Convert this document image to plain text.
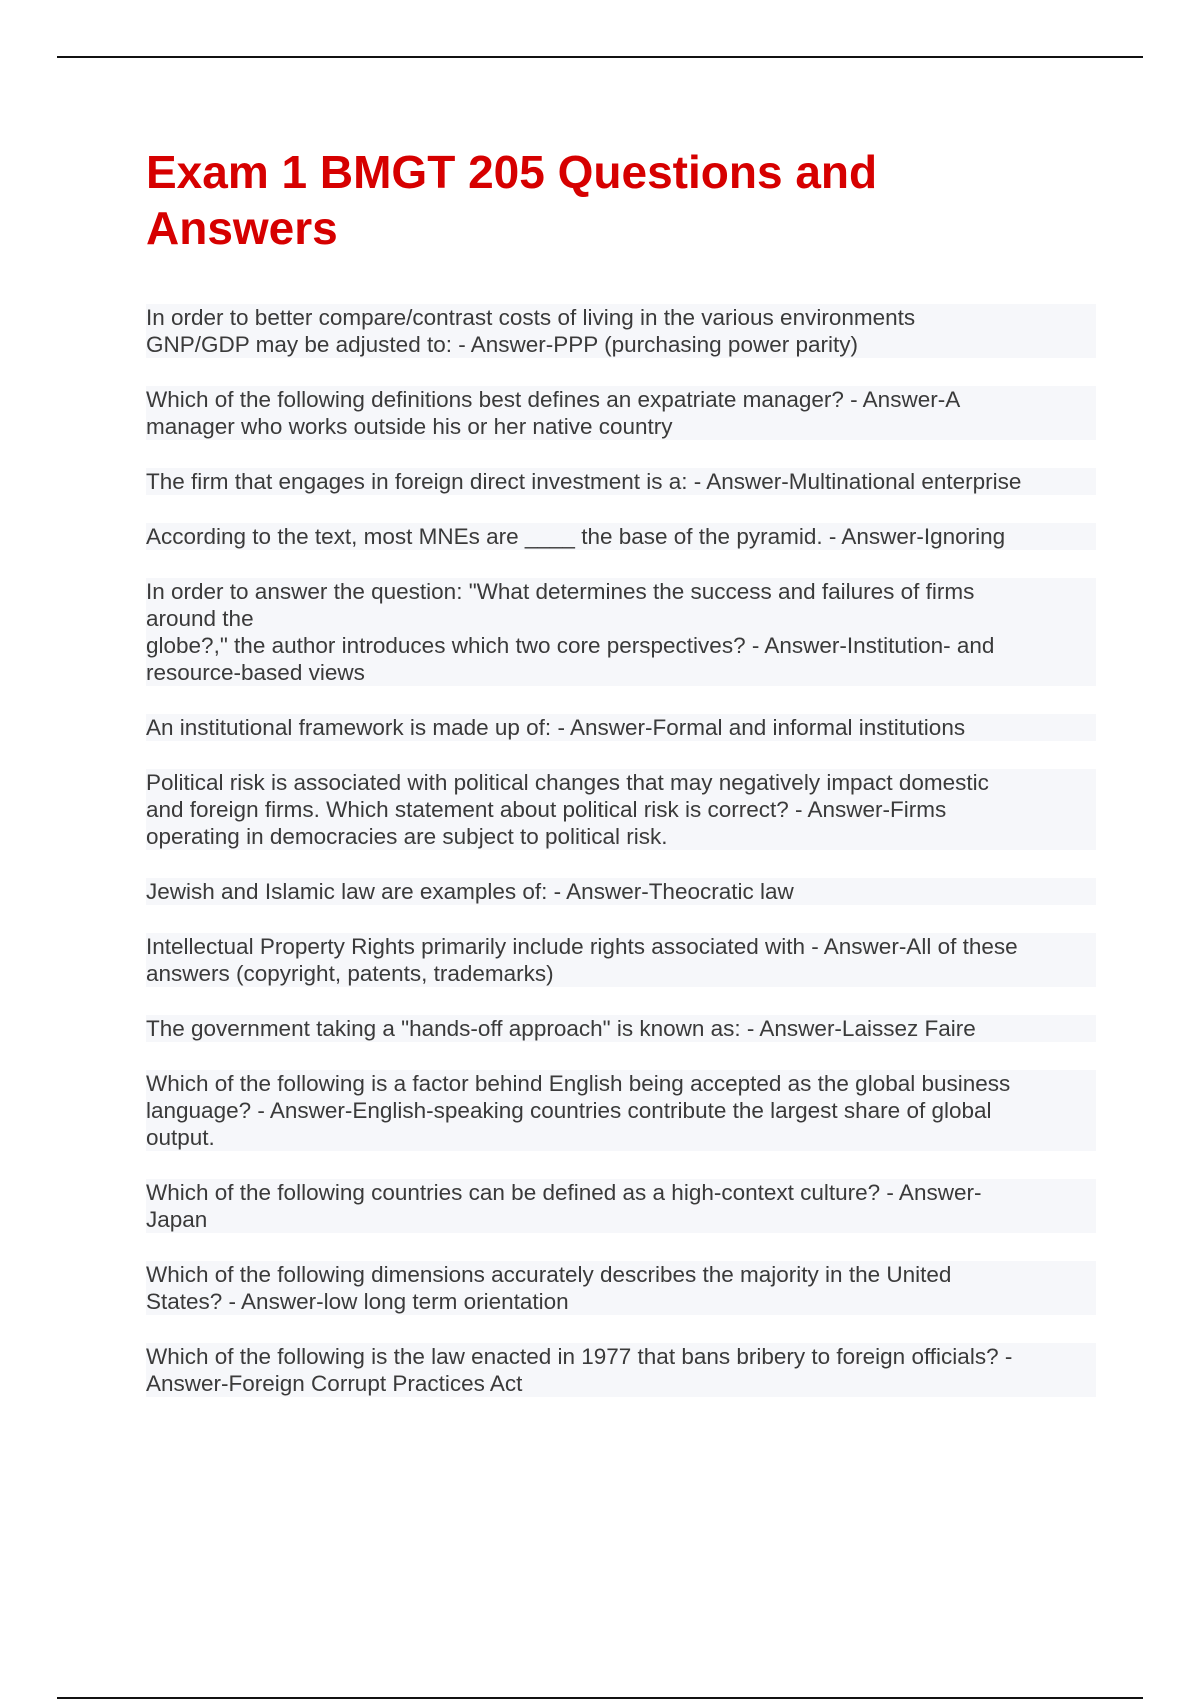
Exam 1 BMGT 205 Questions and Answers

In order to better compare/contrast costs of living in the various environments
GNP/GDP may be adjusted to: - Answer-PPP (purchasing power parity)

Which of the following definitions best defines an expatriate manager? - Answer-A
manager who works outside his or her native country

The firm that engages in foreign direct investment is a: - Answer-Multinational enterprise

According to the text, most MNEs are ____ the base of the pyramid. - Answer-Ignoring

In order to answer the question: "What determines the success and failures of firms
around the
globe?," the author introduces which two core perspectives? - Answer-Institution- and
resource-based views

An institutional framework is made up of: - Answer-Formal and informal institutions

Political risk is associated with political changes that may negatively impact domestic
and foreign firms. Which statement about political risk is correct? - Answer-Firms
operating in democracies are subject to political risk.

Jewish and Islamic law are examples of: - Answer-Theocratic law

Intellectual Property Rights primarily include rights associated with - Answer-All of these
answers (copyright, patents, trademarks)

The government taking a "hands-off approach" is known as: - Answer-Laissez Faire

Which of the following is a factor behind English being accepted as the global business
language? - Answer-English-speaking countries contribute the largest share of global
output.

Which of the following countries can be defined as a high-context culture? - Answer-
Japan

Which of the following dimensions accurately describes the majority in the United
States? - Answer-low long term orientation

Which of the following is the law enacted in 1977 that bans bribery to foreign officials? -
Answer-Foreign Corrupt Practices Act
